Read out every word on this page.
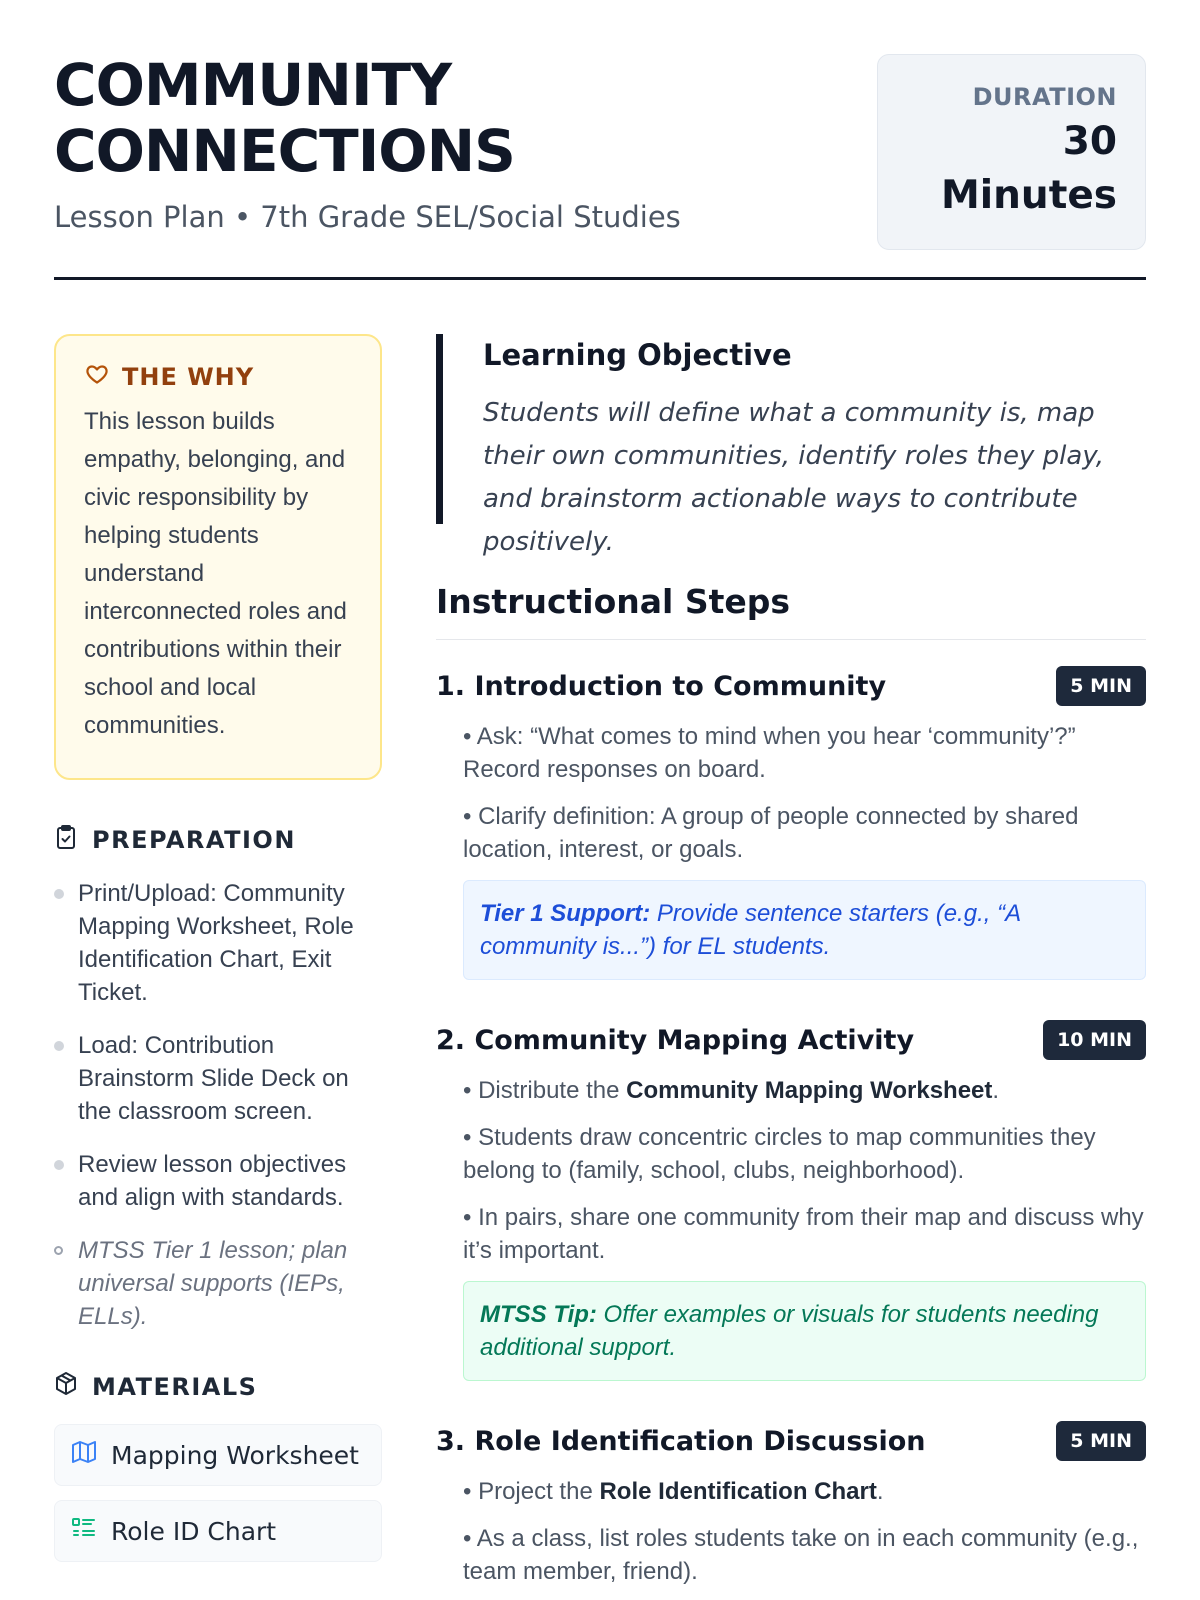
COMMUNITY
CONNECTIONS
Lesson Plan • 7th Grade SEL/Social Studies
DURATION
30
Minutes
THE WHY
This lesson builds empathy, belonging, and civic responsibility by helping students understand interconnected roles and contributions within their school and local communities.
PREPARATION
Print/Upload: Community Mapping Worksheet, Role Identification Chart, Exit Ticket.
Load: Contribution Brainstorm Slide Deck on the classroom screen.
Review lesson objectives and align with standards.
MTSS Tier 1 lesson; plan universal supports (IEPs, ELLs).
MATERIALS
Mapping Worksheet
Role ID Chart
Learning Objective
Students will define what a community is, map their own communities, identify roles they play, and brainstorm actionable ways to contribute positively.
Instructional Steps
1. Introduction to Community	5 MIN
• Ask: “What comes to mind when you hear ‘community’?” Record responses on board.
• Clarify definition: A group of people connected by shared location, interest, or goals.
Tier 1 Support: Provide sentence starters (e.g., “A community is...”) for EL students.
2. Community Mapping Activity	10 MIN
• Distribute the Community Mapping Worksheet.
• Students draw concentric circles to map communities they belong to (family, school, clubs, neighborhood).
• In pairs, share one community from their map and discuss why it’s important.
MTSS Tip: Offer examples or visuals for students needing additional support.
3. Role Identification Discussion	5 MIN
• Project the Role Identification Chart.
• As a class, list roles students take on in each community (e.g., team member, friend).
